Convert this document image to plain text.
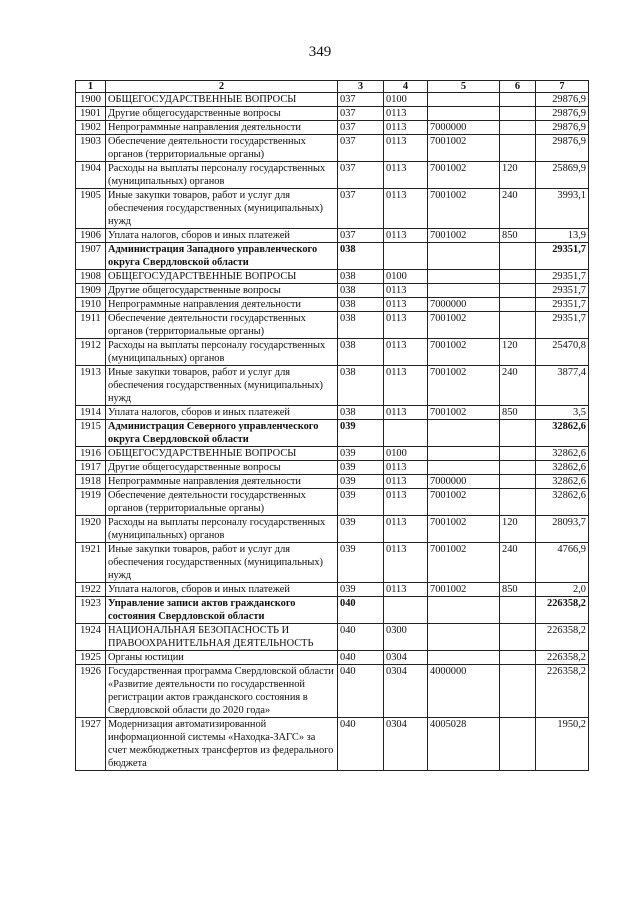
349
1	2	3	4	5	6	7
1900	ОБЩЕГОСУДАРСТВЕННЫЕ ВОПРОСЫ	037	0100			29876,9
1901	Другие общегосударственные вопросы	037	0113			29876,9
1902	Непрограммные направления деятельности	037	0113	7000000		29876,9
1903	Обеспечение деятельности государственных органов (территориальные органы)	037	0113	7001002		29876,9
1904	Расходы на выплаты персоналу государственных (муниципальных) органов	037	0113	7001002	120	25869,9
1905	Иные закупки товаров, работ и услуг для обеспечения государственных (муниципальных) нужд	037	0113	7001002	240	3993,1
1906	Уплата налогов, сборов и иных платежей	037	0113	7001002	850	13,9
1907	Администрация Западного управленческого округа Свердловской области	038				29351,7
1908	ОБЩЕГОСУДАРСТВЕННЫЕ ВОПРОСЫ	038	0100			29351,7
1909	Другие общегосударственные вопросы	038	0113			29351,7
1910	Непрограммные направления деятельности	038	0113	7000000		29351,7
1911	Обеспечение деятельности государственных органов (территориальные органы)	038	0113	7001002		29351,7
1912	Расходы на выплаты персоналу государственных (муниципальных) органов	038	0113	7001002	120	25470,8
1913	Иные закупки товаров, работ и услуг для обеспечения государственных (муниципальных) нужд	038	0113	7001002	240	3877,4
1914	Уплата налогов, сборов и иных платежей	038	0113	7001002	850	3,5
1915	Администрация Северного управленческого округа Свердловской области	039				32862,6
1916	ОБЩЕГОСУДАРСТВЕННЫЕ ВОПРОСЫ	039	0100			32862,6
1917	Другие общегосударственные вопросы	039	0113			32862,6
1918	Непрограммные направления деятельности	039	0113	7000000		32862,6
1919	Обеспечение деятельности государственных органов (территориальные органы)	039	0113	7001002		32862,6
1920	Расходы на выплаты персоналу государственных (муниципальных) органов	039	0113	7001002	120	28093,7
1921	Иные закупки товаров, работ и услуг для обеспечения государственных (муниципальных) нужд	039	0113	7001002	240	4766,9
1922	Уплата налогов, сборов и иных платежей	039	0113	7001002	850	2,0
1923	Управление записи актов гражданского состояния Свердловской области	040				226358,2
1924	НАЦИОНАЛЬНАЯ БЕЗОПАСНОСТЬ И ПРАВООХРАНИТЕЛЬНАЯ ДЕЯТЕЛЬНОСТЬ	040	0300			226358,2
1925	Органы юстиции	040	0304			226358,2
1926	Государственная программа Свердловской области «Развитие деятельности по государственной регистрации актов гражданского состояния в Свердловской области до 2020 года»	040	0304	4000000		226358,2
1927	Модернизация автоматизированной информационной системы «Находка-ЗАГС» за счет межбюджетных трансфертов из федерального бюджета	040	0304	4005028		1950,2
